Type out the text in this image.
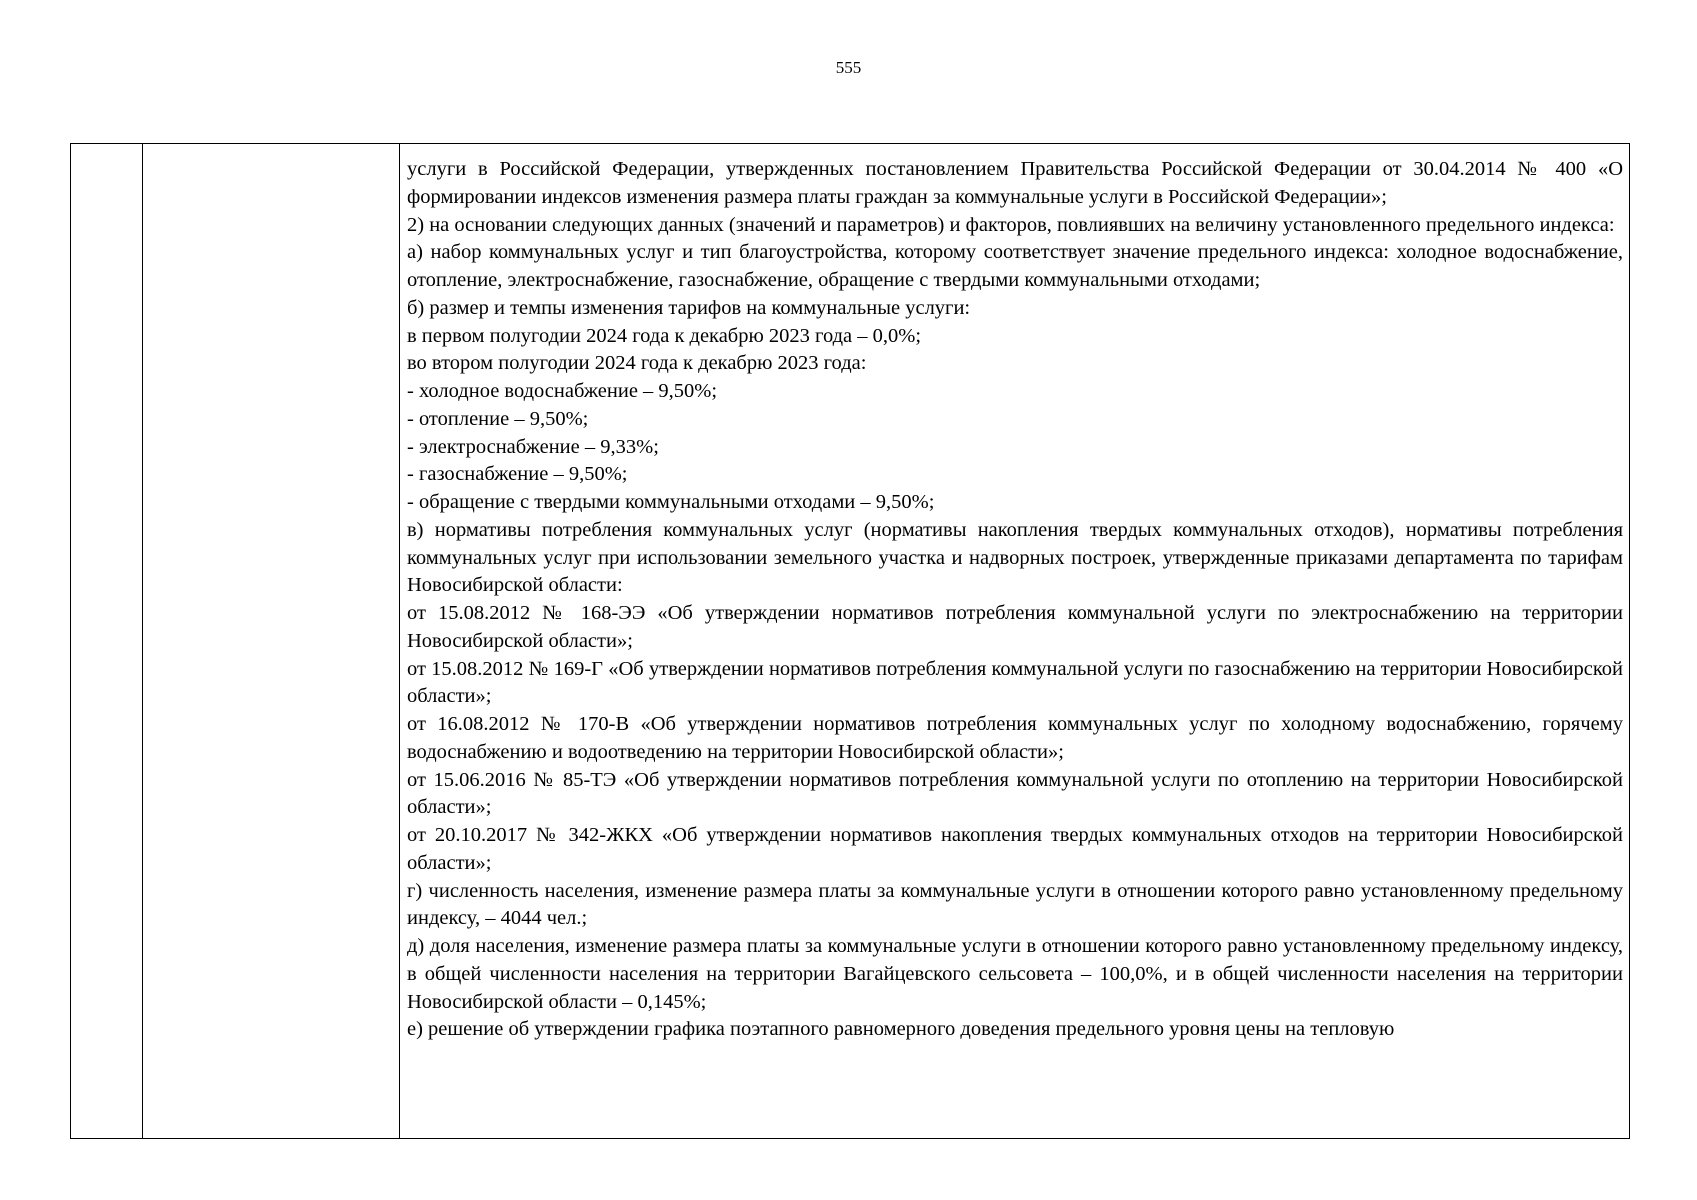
555

услуги в Российской Федерации, утвержденных постановлением Правительства Российской Федерации от 30.04.2014 № 400 «О формировании индексов изменения размера платы граждан за коммунальные услуги в Российской Федерации»;

2) на основании следующих данных (значений и параметров) и факторов, повлиявших на величину установленного предельного индекса:

а) набор коммунальных услуг и тип благоустройства, которому соответствует значение предельного индекса: холодное водоснабжение, отопление, электроснабжение, газоснабжение, обращение с твердыми коммунальными отходами;

б) размер и темпы изменения тарифов на коммунальные услуги:

в первом полугодии 2024 года к декабрю 2023 года – 0,0%;

во втором полугодии 2024 года к декабрю 2023 года:

- холодное водоснабжение – 9,50%;

- отопление – 9,50%;

- электроснабжение – 9,33%;

- газоснабжение – 9,50%;

- обращение с твердыми коммунальными отходами – 9,50%;

в) нормативы потребления коммунальных услуг (нормативы накопления твердых коммунальных отходов), нормативы потребления коммунальных услуг при использовании земельного участка и надворных построек, утвержденные приказами департамента по тарифам Новосибирской области:

от 15.08.2012 № 168-ЭЭ «Об утверждении нормативов потребления коммунальной услуги по электроснабжению на территории Новосибирской области»;

от 15.08.2012 № 169-Г «Об утверждении нормативов потребления коммунальной услуги по газоснабжению на территории Новосибирской области»;

от 16.08.2012 № 170-В «Об утверждении нормативов потребления коммунальных услуг по холодному водоснабжению, горячему водоснабжению и водоотведению на территории Новосибирской области»;

от 15.06.2016 № 85-ТЭ «Об утверждении нормативов потребления коммунальной услуги по отоплению на территории Новосибирской области»;

от 20.10.2017 № 342-ЖКХ «Об утверждении нормативов накопления твердых коммунальных отходов на территории Новосибирской области»;

г) численность населения, изменение размера платы за коммунальные услуги в отношении которого равно установленному предельному индексу, – 4044 чел.;

д) доля населения, изменение размера платы за коммунальные услуги в отношении которого равно установленному предельному индексу, в общей численности населения на территории Вагайцевского сельсовета – 100,0%, и в общей численности населения на территории Новосибирской области – 0,145%;

е) решение об утверждении графика поэтапного равномерного доведения предельного уровня цены на тепловую
